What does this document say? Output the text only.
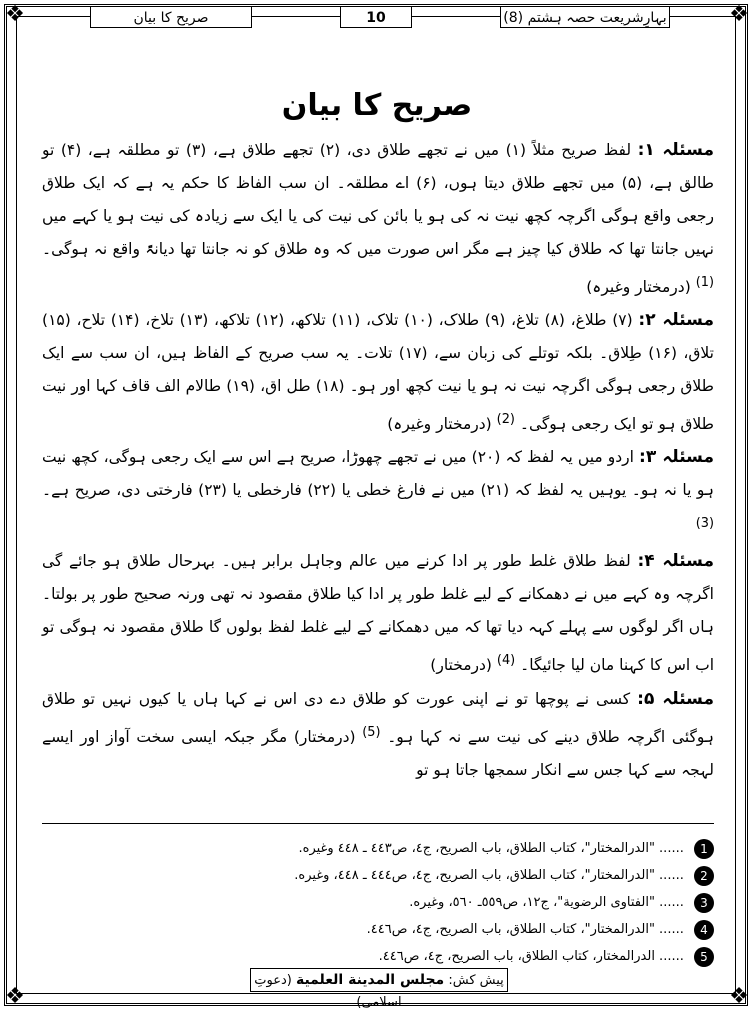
❖	❖
❖	❖
بہارِشریعت حصہ ہشتم (8)
10
صریح کا بیان
صریح کا بیان

مسئلہ ۱: لفظ صریح مثلاً (۱) میں نے تجھے طلاق دی، (۲) تجھے طلاق ہے، (۳) تو مطلقہ ہے، (۴) تو طالق ہے، (۵) میں تجھے طلاق دیتا ہوں، (۶) اے مطلقہ۔ ان سب الفاظ کا حکم یہ ہے کہ ایک طلاق رجعی واقع ہوگی اگرچہ کچھ نیت نہ کی ہو یا بائن کی نیت کی یا ایک سے زیادہ کی نیت ہو یا کہے میں نہیں جانتا تھا کہ طلاق کیا چیز ہے مگر اس صورت میں کہ وہ طلاق کو نہ جانتا تھا دیانۃً واقع نہ ہوگی۔ $^{(1)}$ (درمختار وغیرہ)

مسئلہ ۲: (۷) طلاغ، (۸) تلاغ، (۹) طلاک، (۱۰) تلاک، (۱۱) تلاکھ، (۱۲) تلاکھ، (۱۳) تلاخ، (۱۴) تلاح، (۱۵) تلاق، (۱۶) طِلاق۔ بلکہ توتلے کی زبان سے، (۱۷) تلات۔ یہ سب صریح کے الفاظ ہیں، ان سب سے ایک طلاق رجعی ہوگی اگرچہ نیت نہ ہو یا نیت کچھ اور ہو۔ (۱۸) طل اق، (۱۹) طالام الف قاف کہا اور نیت طلاق ہو تو ایک رجعی ہوگی۔ $^{(2)}$ (درمختار وغیرہ)

مسئلہ ۳: اردو میں یہ لفظ کہ (۲۰) میں نے تجھے چھوڑا، صریح ہے اس سے ایک رجعی ہوگی، کچھ نیت ہو یا نہ ہو۔ یوہیں یہ لفظ کہ (۲۱) میں نے فارغ خطی یا (۲۲) فارخطی یا (۲۳) فارختی دی، صریح ہے۔ $^{(3)}$

مسئلہ ۴: لفظ طلاق غلط طور پر ادا کرنے میں عالم وجاہل برابر ہیں۔ بہرحال طلاق ہو جائے گی اگرچہ وہ کہے میں نے دھمکانے کے لیے غلط طور پر ادا کیا طلاق مقصود نہ تھی ورنہ صحیح طور پر بولتا۔ ہاں اگر لوگوں سے پہلے کہہ دیا تھا کہ میں دھمکانے کے لیے غلط لفظ بولوں گا طلاق مقصود نہ ہوگی تو اب اس کا کہنا مان لیا جائیگا۔ $^{(4)}$ (درمختار)

مسئلہ ۵: کسی نے پوچھا تو نے اپنی عورت کو طلاق دے دی اس نے کہا ہاں یا کیوں نہیں تو طلاق ہوگئی اگرچہ طلاق دینے کی نیت سے نہ کہا ہو۔ $^{(5)}$ (درمختار) مگر جبکہ ایسی سخت آواز اور ایسے لہجہ سے کہا جس سے انکار سمجھا جاتا ہو تو

1 ...... "الدرالمختار"، كتاب الطلاق، باب الصريح، ج٤، ص٤٤٣ ـ ٤٤٨ وغيره.
2 ...... "الدرالمختار"، كتاب الطلاق، باب الصريح، ج٤، ص٤٤٤ ـ ٤٤٨، وغيره.
3 ...... "الفتاوى الرضوية"، ج١٢، ص٥٥٩ـ ٥٦٠، وغيره.
4 ...... "الدرالمختار"، كتاب الطلاق، باب الصريح، ج٤، ص٤٤٦.
5 ...... الدرالمختار، كتاب الطلاق، باب الصريح، ج٤، ص٤٤٦.
پیش کش: مجلس المدينة العلمية (دعوتِ اسلامی)
